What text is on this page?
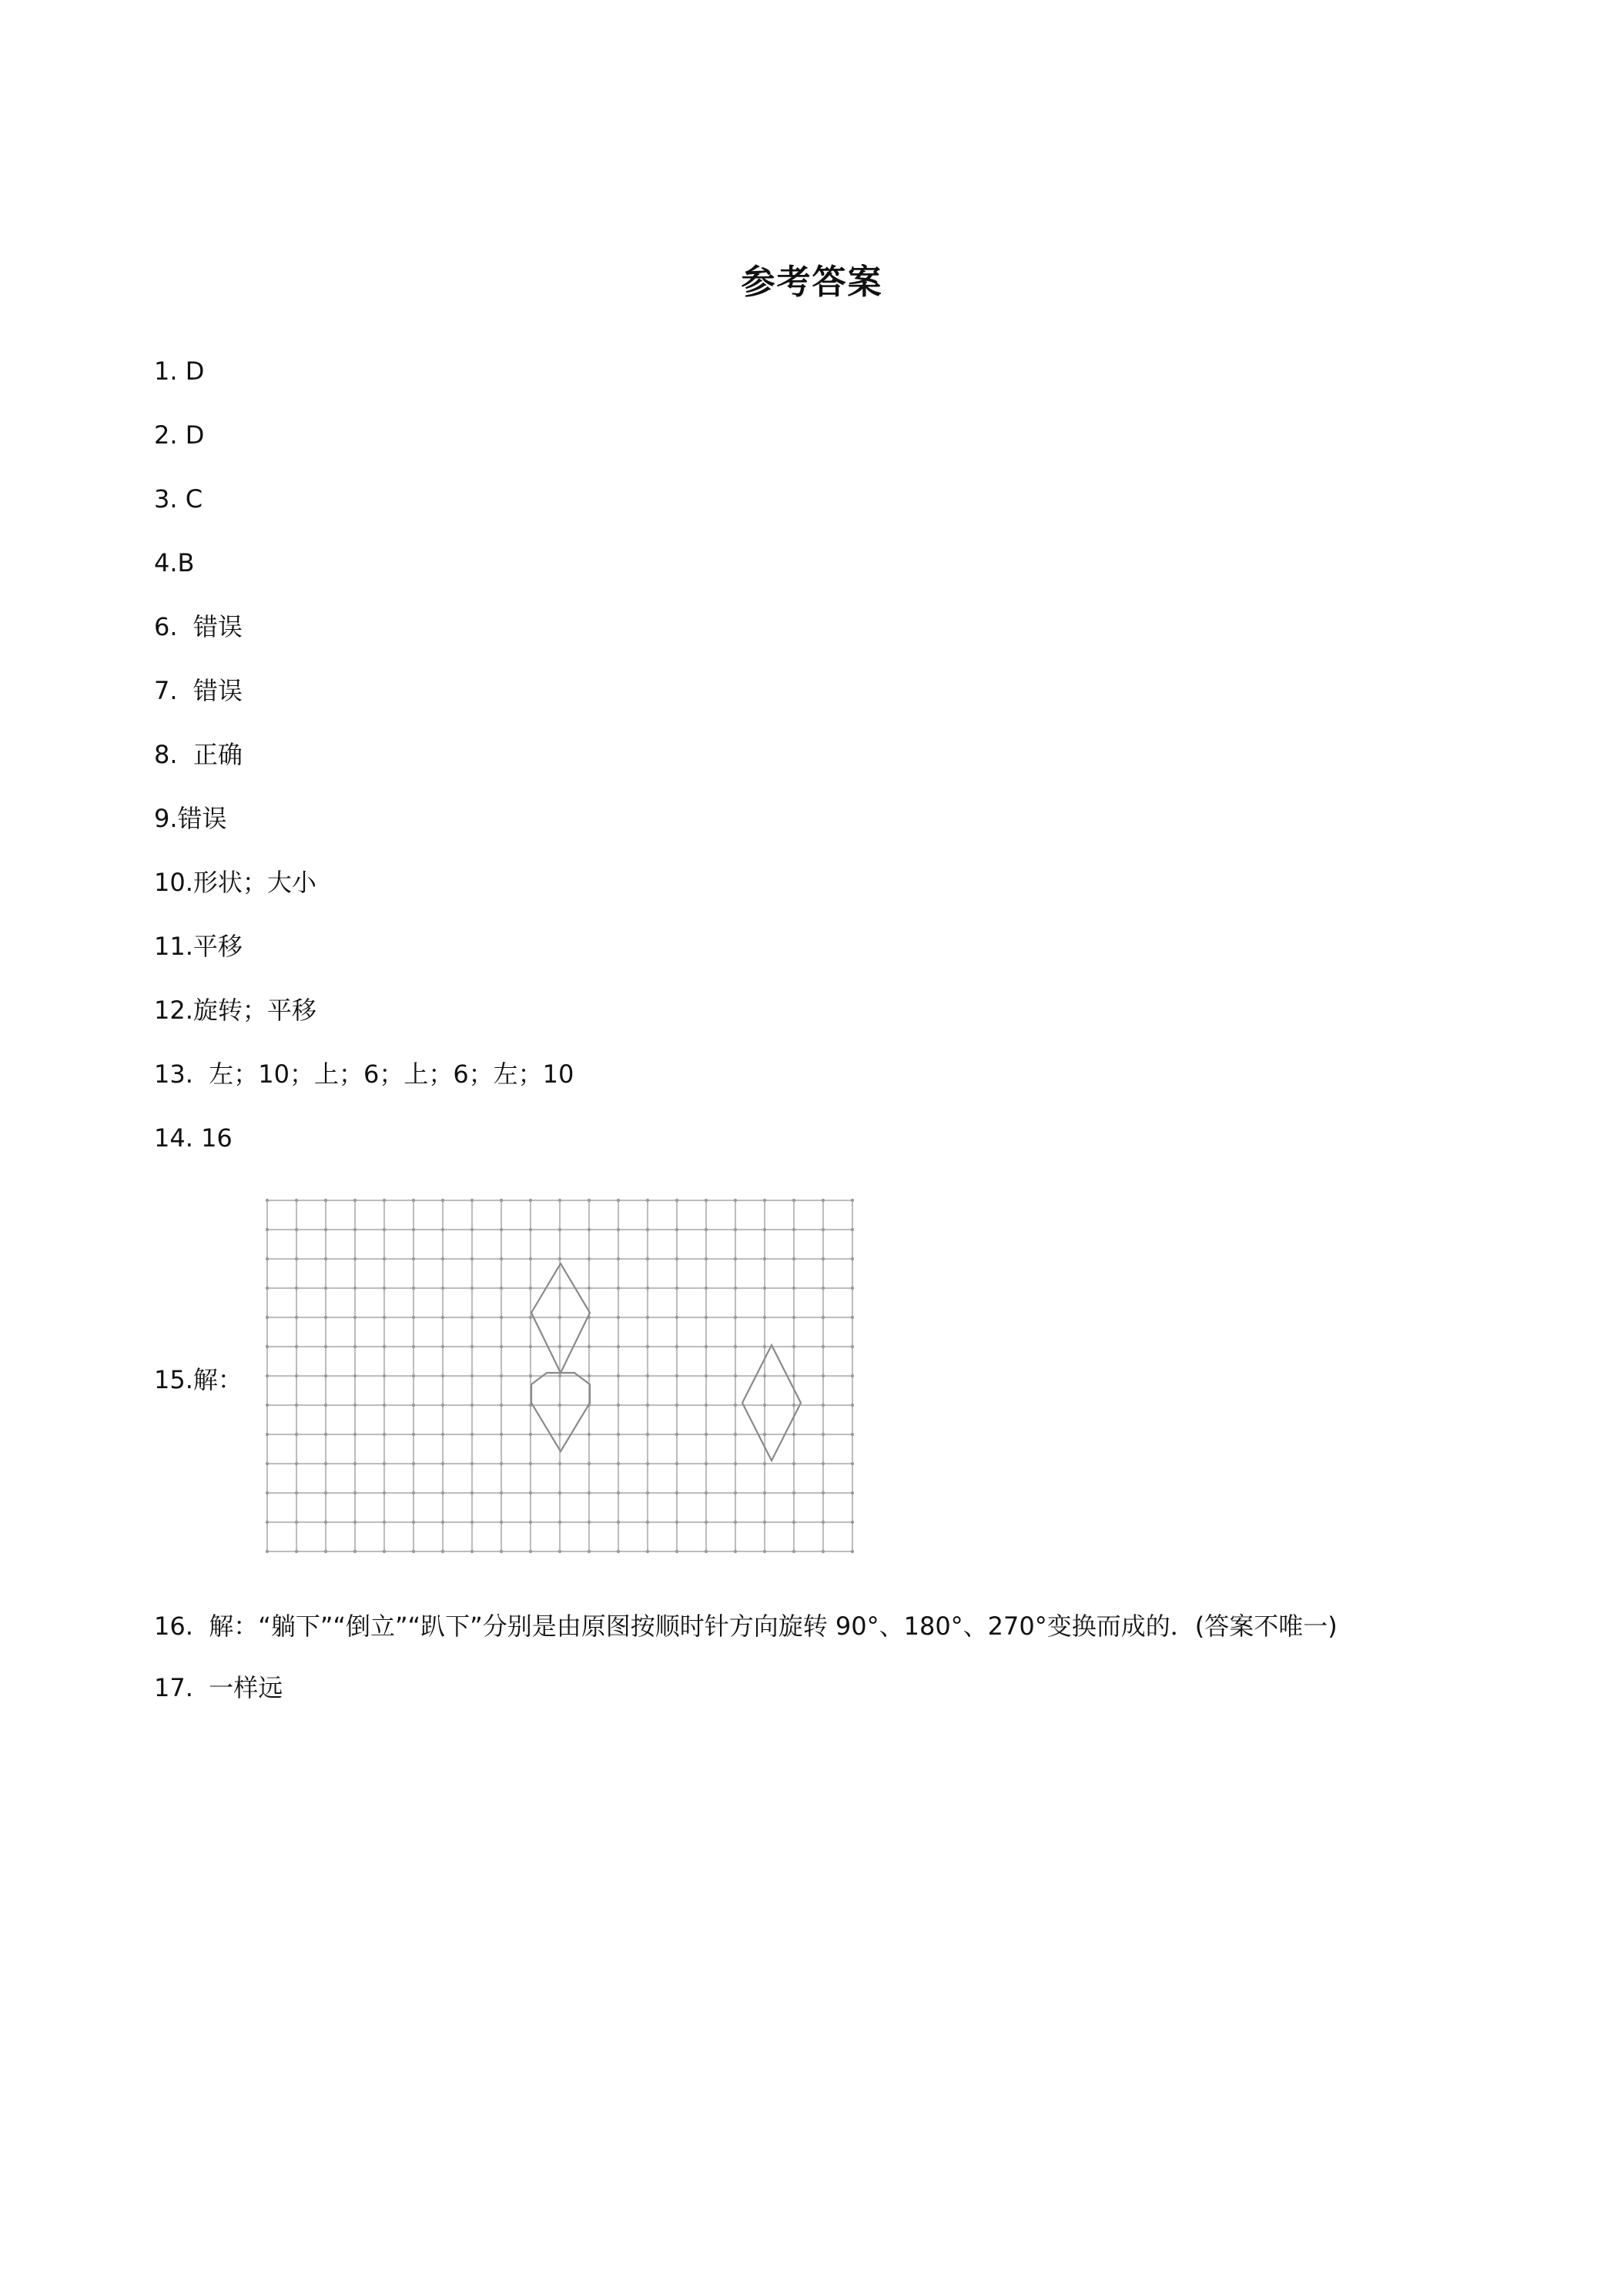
参考答案
1. D
2. D
3. C
4.B
6.  错误
7.  错误
8.  正确
9.错误
10.形状；大小
11.平移
12.旋转；平移
13.  左；10；上；6；上；6；左；10
14. 16
15.解：
16.  解：“躺下”“倒立”“趴下”分别是由原图按顺时针方向旋转 90°、180°、270°变换而成的．(答案不唯一)
17.  一样远
